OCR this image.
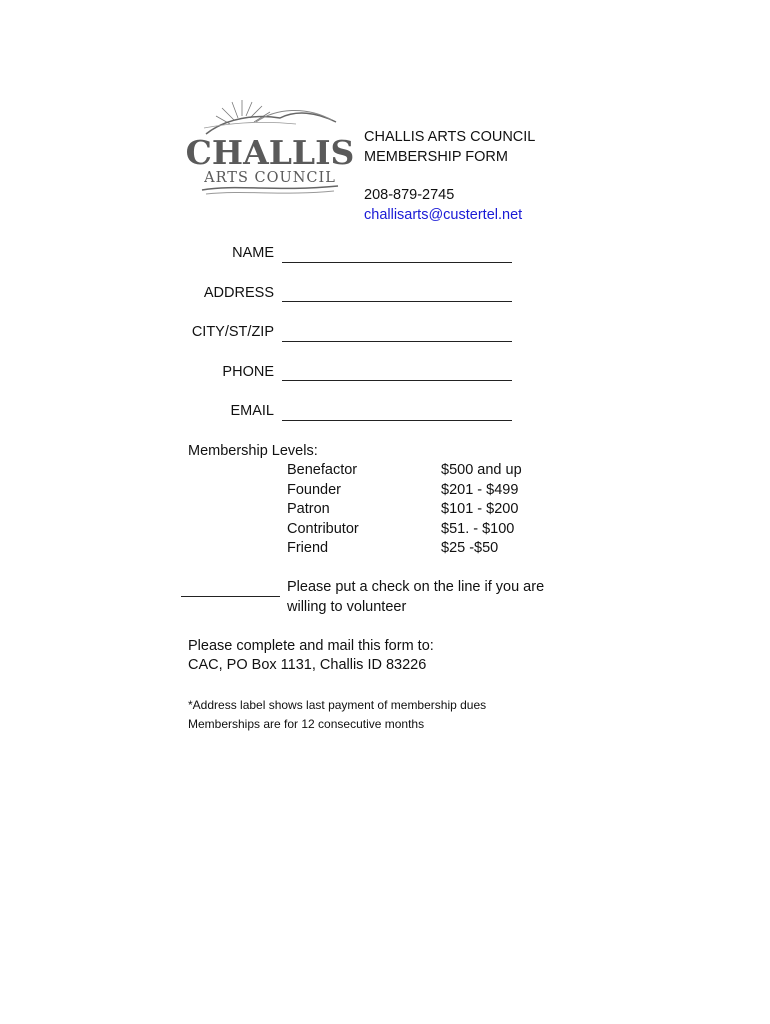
CHALLIS
ARTS COUNCIL
CHALLIS ARTS COUNCIL
MEMBERSHIP FORM
208-879-2745
challisarts@custertel.net
NAME
ADDRESS
CITY/ST/ZIP
PHONE
EMAIL
Membership Levels:
Benefactor	$500 and up
Founder	$201 - $499
Patron	$101 - $200
Contributor	$51. - $100
Friend	$25 -$50
Please put a check on the line if you are
willing to volunteer
Please complete and mail this form to:
CAC, PO Box 1131, Challis ID 83226
*Address label shows last payment of membership dues
Memberships are for 12 consecutive months
